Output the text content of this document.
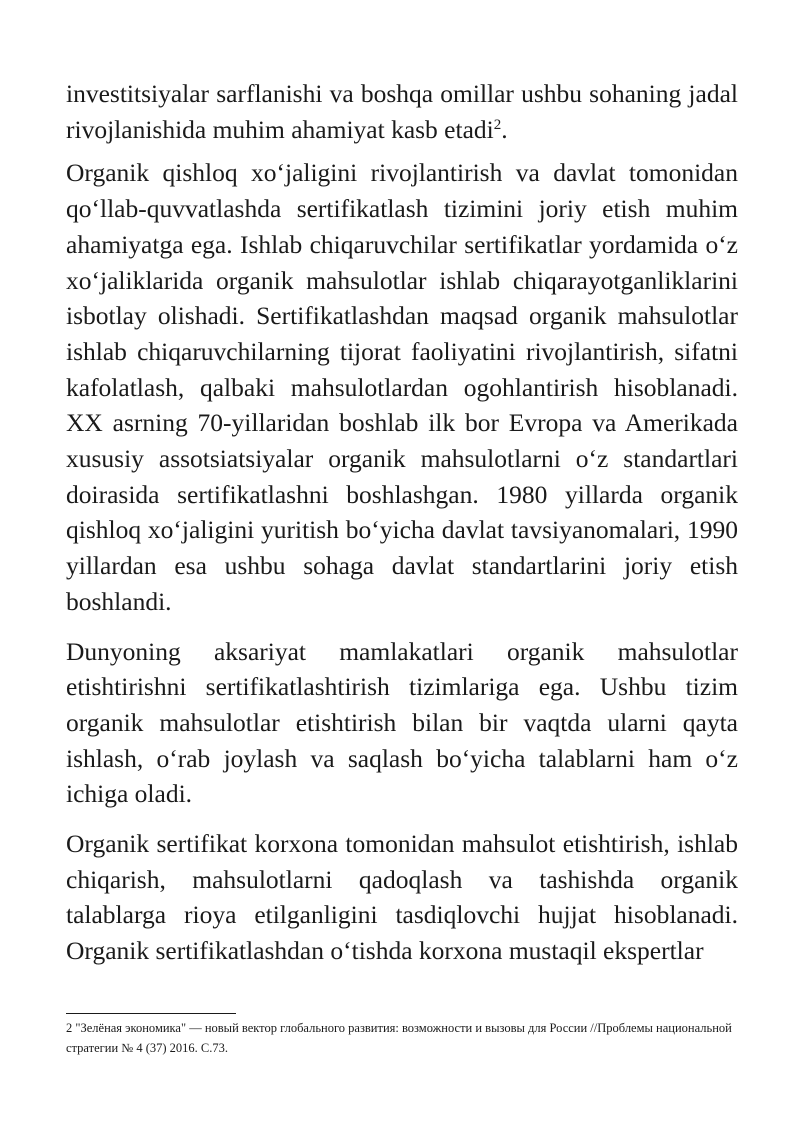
investitsiyalar sarflanishi va boshqa omillar ushbu sohaning jadal rivojlanishida muhim ahamiyat kasb etadi$^2$.

Organik qishloq xo‘jaligini rivojlantirish va davlat tomonidan qo‘llab-quvvatlashda sertifikatlash tizimini joriy etish muhim ahamiyatga ega. Ishlab chiqaruvchilar sertifikatlar yordamida o‘z xo‘jaliklarida organik mahsulotlar ishlab chiqarayotganliklarini isbotlay olishadi. Sertifikatlashdan maqsad organik mahsulotlar ishlab chiqaruvchilarning tijorat faoliyatini rivojlantirish, sifatni kafolatlash, qalbaki mahsulotlardan ogohlantirish hisoblanadi. XX asrning 70-yillaridan boshlab ilk bor Evropa va Amerikada xususiy assotsiatsiyalar organik mahsulotlarni o‘z standartlari doirasida sertifikatlashni boshlashgan. 1980 yillarda organik qishloq xo‘jaligini yuritish bo‘yicha davlat tavsiyanomalari, 1990 yillardan esa ushbu sohaga davlat standartlarini joriy etish boshlandi.

Dunyoning aksariyat mamlakatlari organik mahsulotlar etishtirishni sertifikatlashtirish tizimlariga ega. Ushbu tizim organik mahsulotlar etishtirish bilan bir vaqtda ularni qayta ishlash, o‘rab joylash va saqlash bo‘yicha talablarni ham o‘z ichiga oladi.

Organik sertifikat korxona tomonidan mahsulot etishtirish, ishlab chiqarish, mahsulotlarni qadoqlash va tashishda organik talablarga rioya etilganligini tasdiqlovchi hujjat hisoblanadi. Organik sertifikatlashdan o‘tishda korxona mustaqil ekspertlar

2 "Зелёная экономика" — новый вектор глобального развития: возможности и вызовы для России //Проблемы национальной стратегии № 4 (37) 2016. С.73.
